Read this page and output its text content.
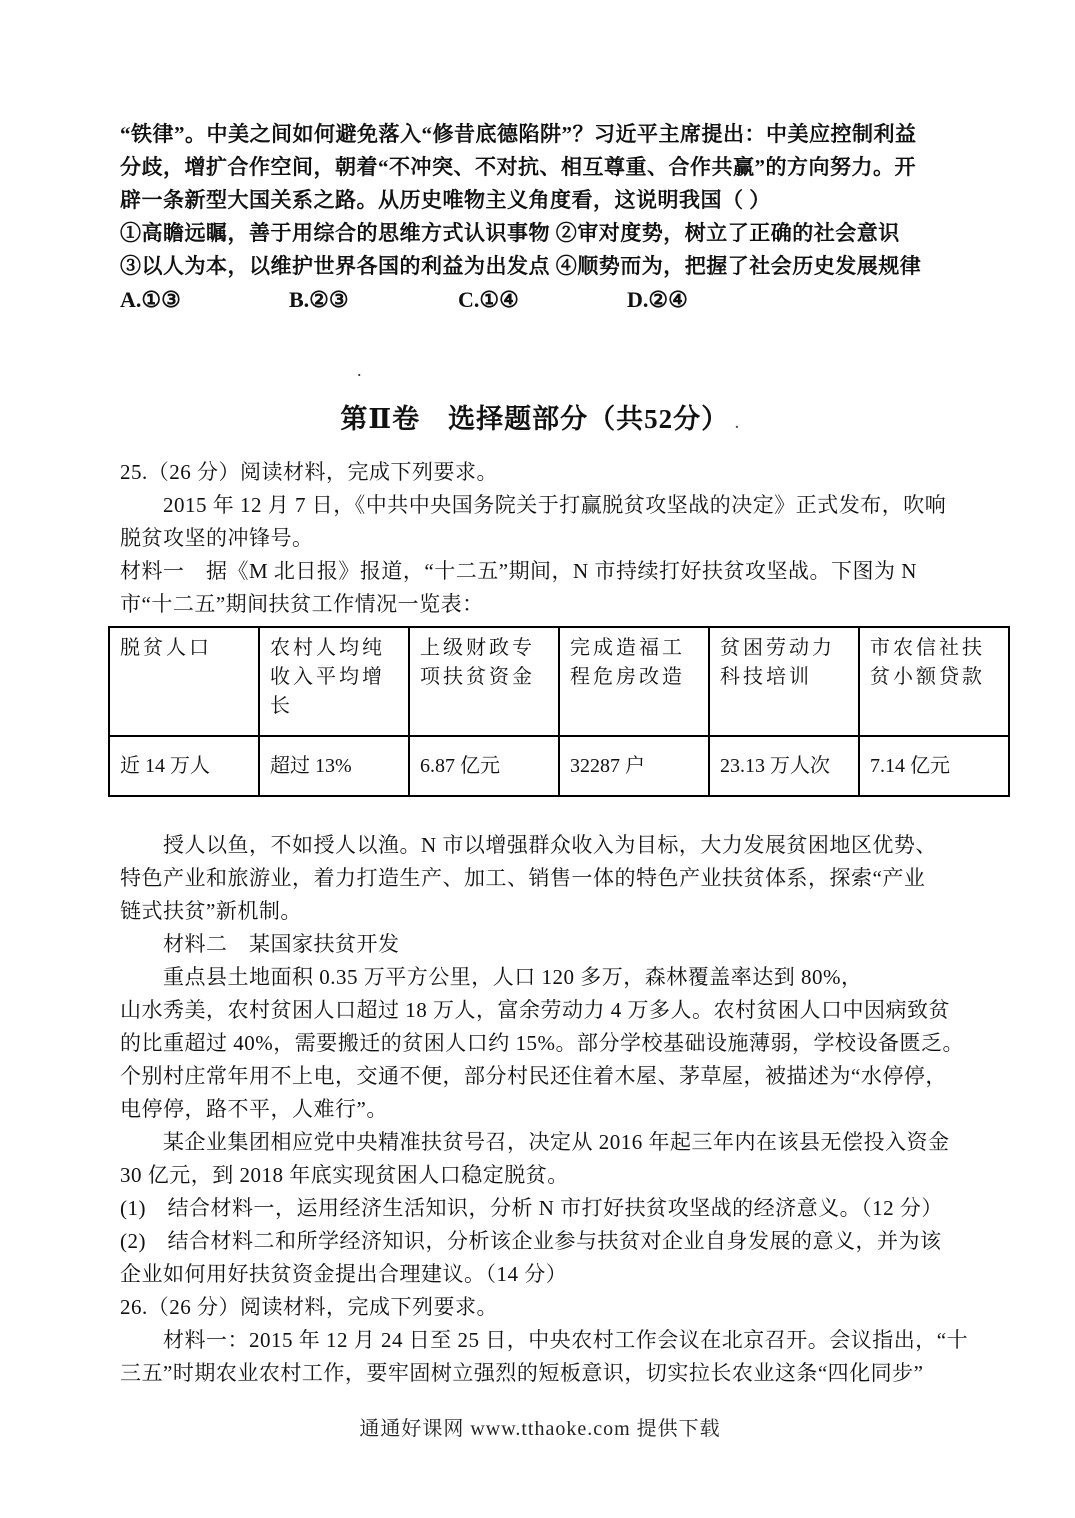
“铁律”。中美之间如何避免落入“修昔底德陷阱”？习近平主席提出：中美应控制利益
分歧，增扩合作空间，朝着“不冲突、不对抗、相互尊重、合作共赢”的方向努力。开
辟一条新型大国关系之路。从历史唯物主义角度看，这说明我国（ ）
①高瞻远瞩，善于用综合的思维方式认识事物 ②审对度势，树立了正确的社会意识
③以人为本，以维护世界各国的利益为出发点 ④顺势而为，把握了社会历史发展规律
A.①③	B.②③	C.①④	D.②④
.
第Ⅱ卷　选择题部分（共52分） .
25.（26 分）阅读材料，完成下列要求。
　　2015 年 12 月 7 日，《中共中央国务院关于打赢脱贫攻坚战的决定》正式发布，吹响
脱贫攻坚的冲锋号。
材料一　据《M 北日报》报道，“十二五”期间，N 市持续打好扶贫攻坚战。下图为 N
市“十二五”期间扶贫工作情况一览表：
脱贫人口	农村人均纯收入平均增长	上级财政专项扶贫资金	完成造福工程危房改造	贫困劳动力科技培训	市农信社扶贫小额贷款
近 14 万人	超过 13%	6.87 亿元	32287 户	23.13 万人次	7.14 亿元
　　授人以鱼，不如授人以渔。N 市以增强群众收入为目标，大力发展贫困地区优势、
特色产业和旅游业，着力打造生产、加工、销售一体的特色产业扶贫体系，探索“产业
链式扶贫”新机制。
　　材料二　某国家扶贫开发
　　重点县土地面积 0.35 万平方公里，人口 120 多万，森林覆盖率达到 80%，
山水秀美，农村贫困人口超过 18 万人，富余劳动力 4 万多人。农村贫困人口中因病致贫
的比重超过 40%，需要搬迁的贫困人口约 15%。部分学校基础设施薄弱，学校设备匮乏。
个别村庄常年用不上电，交通不便，部分村民还住着木屋、茅草屋，被描述为“水停停，
电停停，路不平，人难行”。
　　某企业集团相应党中央精准扶贫号召，决定从 2016 年起三年内在该县无偿投入资金
30 亿元，到 2018 年底实现贫困人口稳定脱贫。
(1)　结合材料一，运用经济生活知识，分析 N 市打好扶贫攻坚战的经济意义。（12 分）
(2)　结合材料二和所学经济知识，分析该企业参与扶贫对企业自身发展的意义，并为该
企业如何用好扶贫资金提出合理建议。（14 分）
26.（26 分）阅读材料，完成下列要求。
　　材料一：2015 年 12 月 24 日至 25 日，中央农村工作会议在北京召开。会议指出，“十
三五”时期农业农村工作，要牢固树立强烈的短板意识，切实拉长农业这条“四化同步”
通通好课网 www.tthaoke.com 提供下载
